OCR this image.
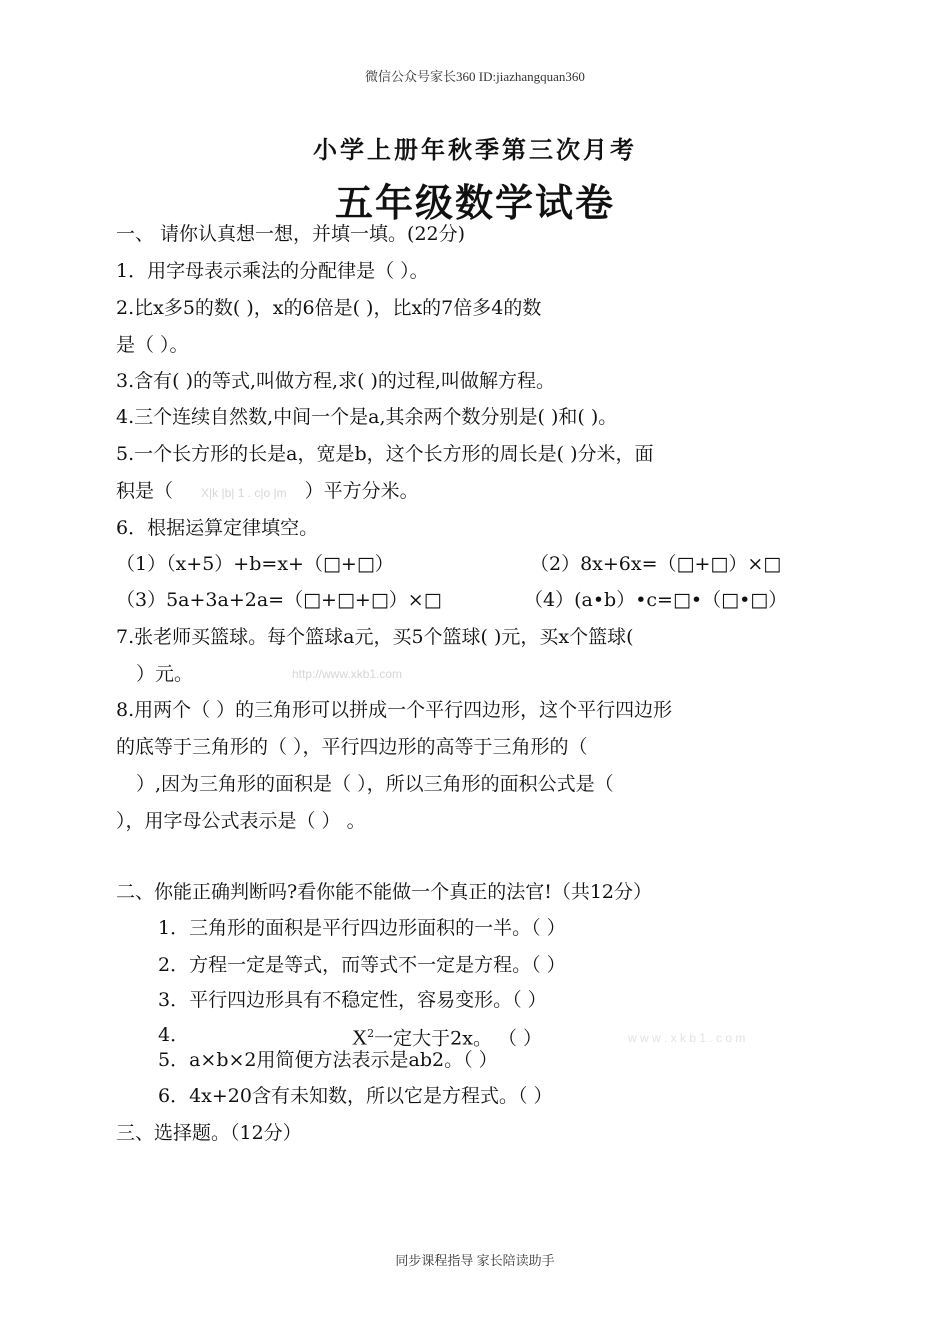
微信公众号家长360 ID:jiazhangquan360
小学上册年秋季第三次月考
五年级数学试卷
一、 请你认真想一想，并填一填。(22分)
1．用字母表示乘法的分配律是（ ）。
2.比x多5的数( )，x的6倍是( )，比x的7倍多4的数
是（ ）。
3.含有( )的等式,叫做方程,求( )的过程,叫做解方程。
4.三个连续自然数,中间一个是a,其余两个数分别是( )和( )。
5.一个长方形的长是a，宽是b，这个长方形的周长是( )分米，面
积是（ X|k |b| 1 . c|o |m ）平方分米。
6．根据运算定律填空。
（1）（x+5）+b=x+（□+□）	（2）8x+6x=（□+□）×□
（3）5a+3a+2a=（□+□+□）×□	（4）(a•b）•c=□•（□•□）
7.张老师买篮球。每个篮球a元，买5个篮球( )元，买x个篮球(
）元。	http://www.xkb1.com
8.用两个（ ）的三角形可以拼成一个平行四边形，这个平行四边形
的底等于三角形的（ ），平行四边形的高等于三角形的（
）,因为三角形的面积是（ ），所以三角形的面积公式是（
），用字母公式表示是（ ） 。
二、你能正确判断吗?看你能不能做一个真正的法官!（共12分）
1．三角形的面积是平行四边形面积的一半。（ ）
2．方程一定是等式，而等式不一定是方程。（ ）
3．平行四边形具有不稳定性，容易变形。（ ）
4．	$X^2$一定大于2x。 （ ）	w w w . x k b 1 . c o m
5．a×b×2用简便方法表示是ab2。（ ）
6．4x+20含有未知数，所以它是方程式。（ ）
三、选择题。（12分）
同步课程指导 家长陪读助手
